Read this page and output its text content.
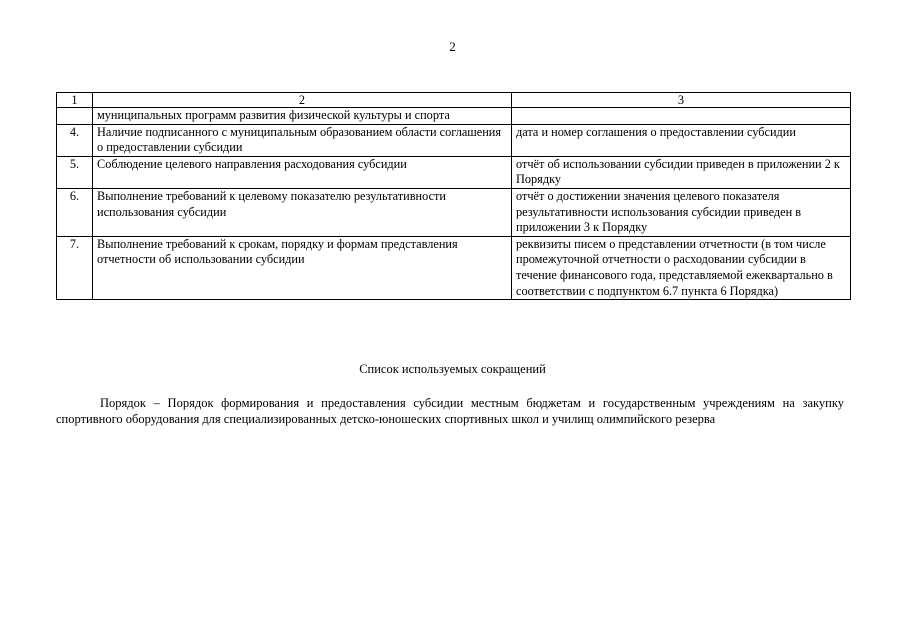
2
1	2	3
	муниципальных программ развития физической культуры и спорта	
4.	Наличие подписанного с муниципальным образованием области соглашения о предоставлении субсидии	дата и номер соглашения о предоставлении субсидии
5.	Соблюдение целевого направления расходования субсидии	отчёт об использовании субсидии приведен в приложении 2 к Порядку
6.	Выполнение требований к целевому показателю результативности использования субсидии	отчёт о достижении значения целевого показателя результативности использования субсидии приведен в приложении 3 к Порядку
7.	Выполнение требований к срокам, порядку и формам представления отчетности об использовании субсидии	реквизиты писем о представлении отчетности (в том числе промежуточной отчетности о расходовании субсидии в течение финансового года, представляемой ежеквартально в соответствии с подпунктом 6.7 пункта 6 Порядка)
Список используемых сокращений
Порядок – Порядок формирования и предоставления субсидии местным бюджетам и государственным учреждениям на закупку спортивного оборудования для специализированных детско-юношеских спортивных школ и училищ олимпийского резерва
